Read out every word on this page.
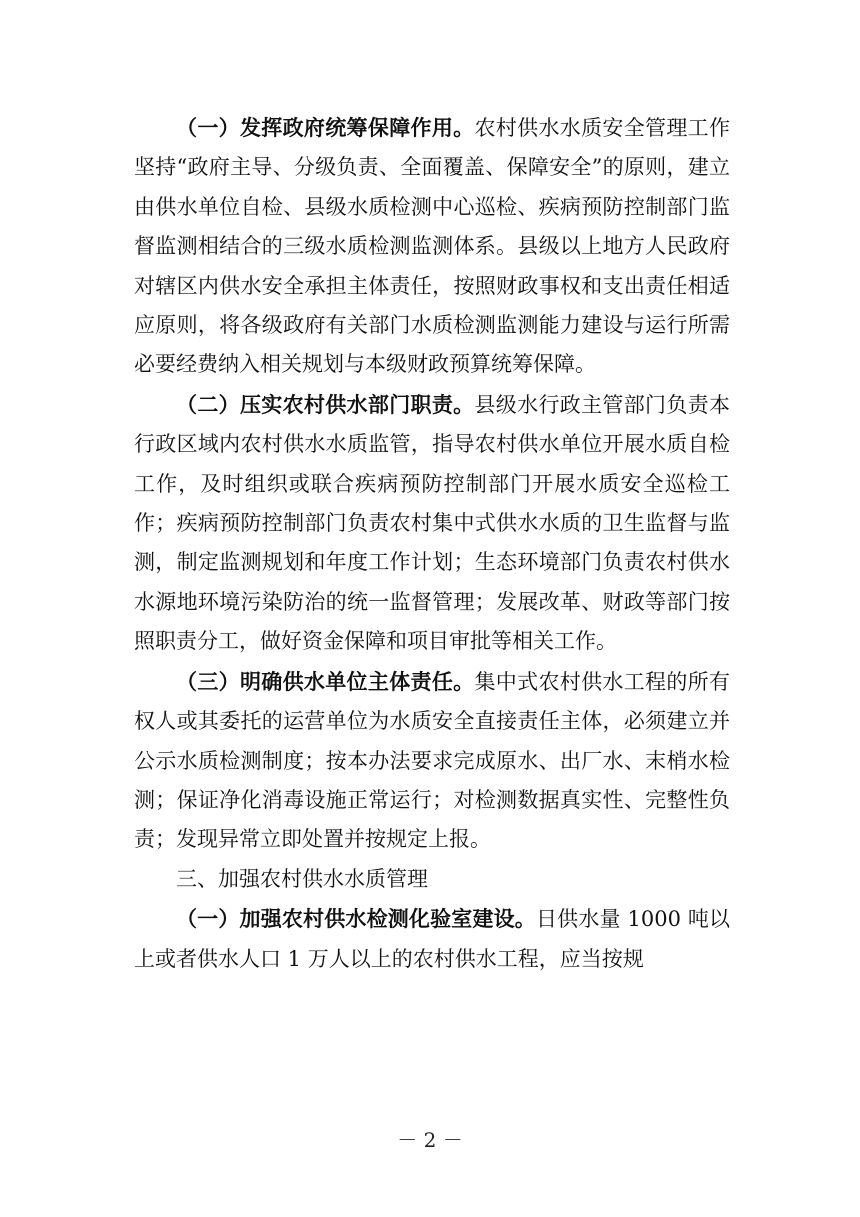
（一）发挥政府统筹保障作用。农村供水水质安全管理工作坚持“政府主导、分级负责、全面覆盖、保障安全”的原则，建立由供水单位自检、县级水质检测中心巡检、疾病预防控制部门监督监测相结合的三级水质检测监测体系。县级以上地方人民政府对辖区内供水安全承担主体责任，按照财政事权和支出责任相适应原则，将各级政府有关部门水质检测监测能力建设与运行所需必要经费纳入相关规划与本级财政预算统筹保障。

（二）压实农村供水部门职责。县级水行政主管部门负责本行政区域内农村供水水质监管，指导农村供水单位开展水质自检工作，及时组织或联合疾病预防控制部门开展水质安全巡检工作；疾病预防控制部门负责农村集中式供水水质的卫生监督与监测，制定监测规划和年度工作计划；生态环境部门负责农村供水水源地环境污染防治的统一监督管理；发展改革、财政等部门按照职责分工，做好资金保障和项目审批等相关工作。

（三）明确供水单位主体责任。集中式农村供水工程的所有权人或其委托的运营单位为水质安全直接责任主体，必须建立并公示水质检测制度；按本办法要求完成原水、出厂水、末梢水检测；保证净化消毒设施正常运行；对检测数据真实性、完整性负责；发现异常立即处置并按规定上报。

三、加强农村供水水质管理

（一）加强农村供水检测化验室建设。日供水量 1000 吨以上或者供水人口 1 万人以上的农村供水工程，应当按规

－ 2 －
